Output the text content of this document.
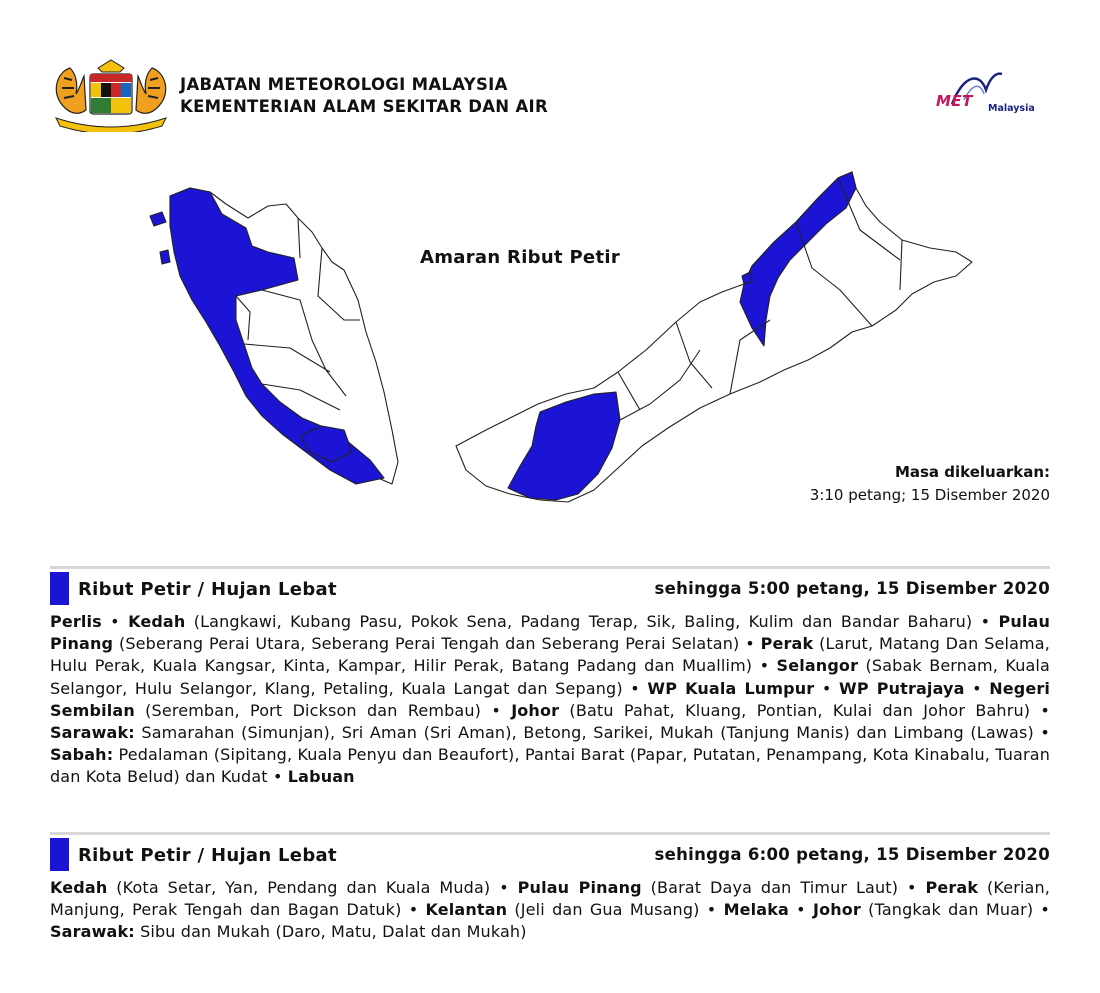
JABATAN METEOROLOGI MALAYSIA
KEMENTERIAN ALAM SEKITAR DAN AIR	MET Malaysia
Amaran Ribut Petir
Masa dikeluarkan:
3:10 petang; 15 Disember 2020
Ribut Petir / Hujan Lebat	sehingga 5:00 petang, 15 Disember 2020
Perlis • Kedah (Langkawi, Kubang Pasu, Pokok Sena, Padang Terap, Sik, Baling, Kulim dan Bandar Baharu) • Pulau Pinang (Seberang Perai Utara, Seberang Perai Tengah dan Seberang Perai Selatan) • Perak (Larut, Matang Dan Selama, Hulu Perak, Kuala Kangsar, Kinta, Kampar, Hilir Perak, Batang Padang dan Muallim) • Selangor (Sabak Bernam, Kuala Selangor, Hulu Selangor, Klang, Petaling, Kuala Langat dan Sepang) • WP Kuala Lumpur • WP Putrajaya • Negeri Sembilan (Seremban, Port Dickson dan Rembau) • Johor (Batu Pahat, Kluang, Pontian, Kulai dan Johor Bahru) • Sarawak: Samarahan (Simunjan), Sri Aman (Sri Aman), Betong, Sarikei, Mukah (Tanjung Manis) dan Limbang (Lawas) • Sabah: Pedalaman (Sipitang, Kuala Penyu dan Beaufort), Pantai Barat (Papar, Putatan, Penampang, Kota Kinabalu, Tuaran dan Kota Belud) dan Kudat • Labuan
Ribut Petir / Hujan Lebat	sehingga 6:00 petang, 15 Disember 2020
Kedah (Kota Setar, Yan, Pendang dan Kuala Muda) • Pulau Pinang (Barat Daya dan Timur Laut) • Perak (Kerian, Manjung, Perak Tengah dan Bagan Datuk) • Kelantan (Jeli dan Gua Musang) • Melaka • Johor (Tangkak dan Muar) • Sarawak: Sibu dan Mukah (Daro, Matu, Dalat dan Mukah)
